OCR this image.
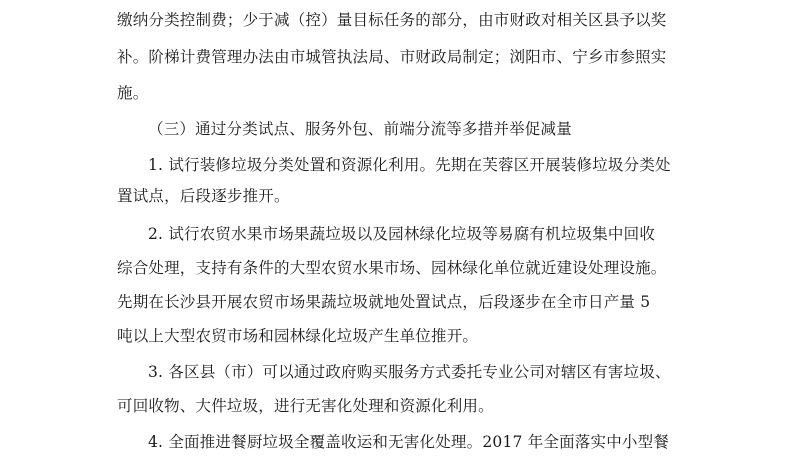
缴纳分类控制费；少于减（控）量目标任务的部分，由市财政对相关区县予以奖
补。阶梯计费管理办法由市城管执法局、市财政局制定；浏阳市、宁乡市参照实
施。
（三）通过分类试点、服务外包、前端分流等多措并举促减量
1. 试行装修垃圾分类处置和资源化利用。先期在芙蓉区开展装修垃圾分类处
置试点，后段逐步推开。
2. 试行农贸水果市场果蔬垃圾以及园林绿化垃圾等易腐有机垃圾集中回收
综合处理，支持有条件的大型农贸水果市场、园林绿化单位就近建设处理设施。
先期在长沙县开展农贸市场果蔬垃圾就地处置试点，后段逐步在全市日产量 5
吨以上大型农贸市场和园林绿化垃圾产生单位推开。
3. 各区县（市）可以通过政府购买服务方式委托专业公司对辖区有害垃圾、
可回收物、大件垃圾，进行无害化处理和资源化利用。
4. 全面推进餐厨垃圾全覆盖收运和无害化处理。2017 年全面落实中小型餐
